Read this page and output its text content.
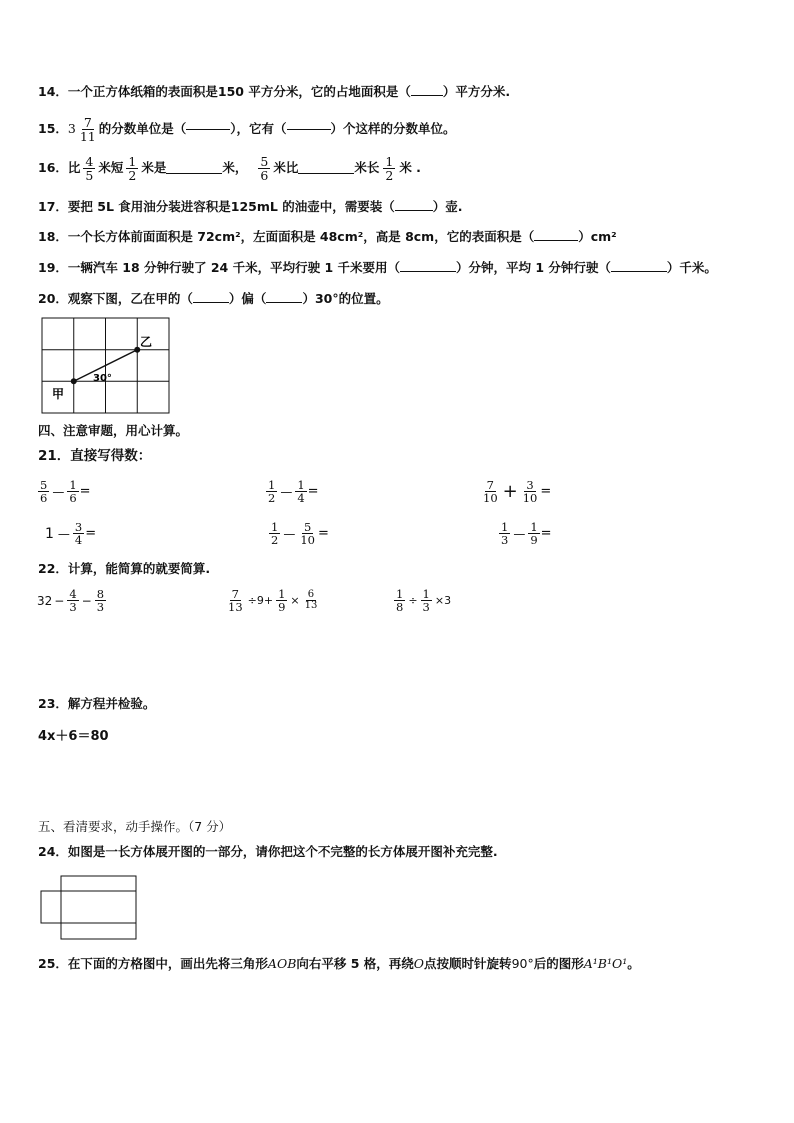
14．一个正方体纸箱的表面积是150 平方分米，它的占地面积是（	）平方分米.
15． $3 \frac{7}{11}$ 的分数单位是（	），它有（	）个这样的分数单位。
16． 比 $\frac{4}{5}$ 米短 $\frac{1}{2}$ 米是	米， $\frac{5}{6}$ 米比	米长 $\frac{1}{2}$ 米 .
17．要把 5L 食用油分装进容积是125mL 的油壶中，需要装（	）壶.
18．一个长方体前面面积是 72cm²，左面面积是 48cm²，高是 8cm，它的表面积是（	）cm²
19．一辆汽车 18 分钟行驶了 24 千米，平均行驶 1 千米要用（	）分钟，平均 1 分钟行驶（	）千米。
20．观察下图，乙在甲的（	）偏（	）30°的位置。
乙
甲
30°
四、注意审题，用心计算。
21．直接写得数：
$\frac{5}{6}$ — $\frac{1}{6}$ =	$\frac{1}{2}$ — $\frac{1}{4}$ =	$\frac{7}{10} + \frac{3}{10}$ =
1 — $\frac{3}{4}$ =	$\frac{1}{2}$ — $\frac{5}{10}$ =	$\frac{1}{3}$ — $\frac{1}{9}$ =
22．计算，能简算的就要简算.
$32 - \frac{4}{3} - \frac{8}{3}$	$\frac{7}{13} \div 9+ \frac{1}{9} \times \frac{6}{13}$	$\frac{1}{8} \div \frac{1}{3} \times 3$
23．解方程并检验。
4x＋6＝80
五、看清要求，动手操作。（7 分）
24．如图是一长方体展开图的一部分，请你把这个不完整的长方体展开图补充完整.
25．在下面的方格图中，画出先将三角形AOB向右平移 5 格，再绕O点按顺时针旋转90°后的图形A¹B¹O¹。
